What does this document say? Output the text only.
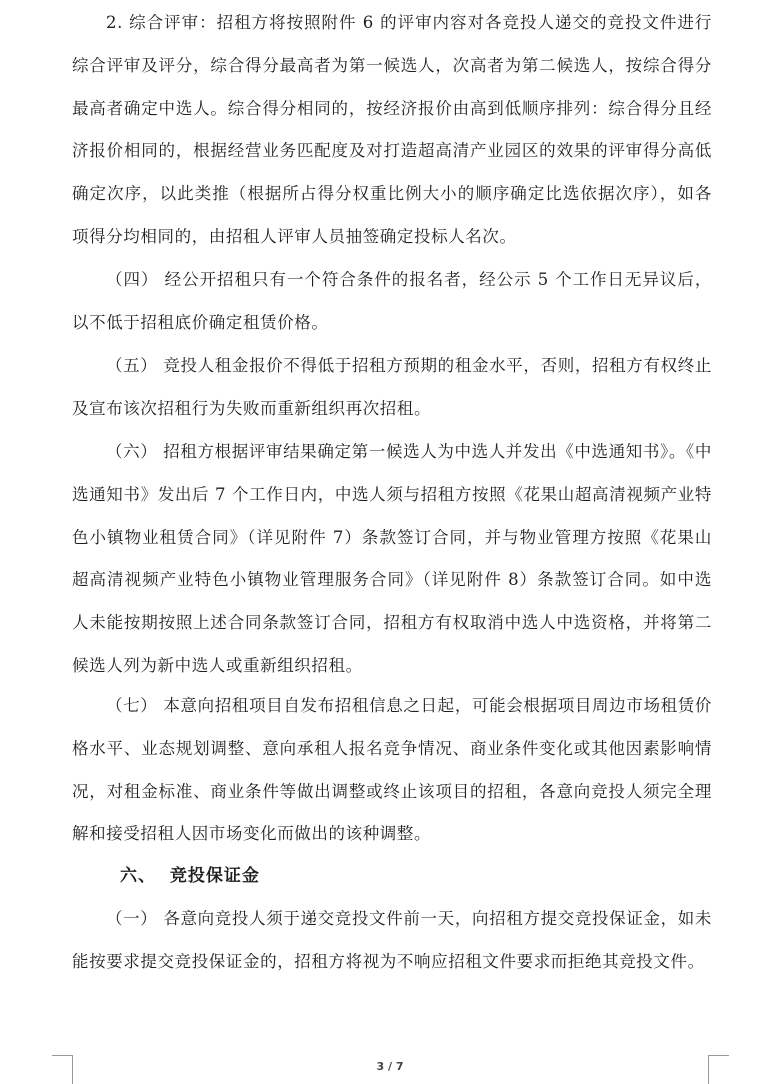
2. 综合评审：招租方将按照附件 6 的评审内容对各竞投人递交的竞投文件进行综合评审及评分，综合得分最高者为第一候选人，次高者为第二候选人，按综合得分最高者确定中选人。综合得分相同的，按经济报价由高到低顺序排列：综合得分且经济报价相同的，根据经营业务匹配度及对打造超高清产业园区的效果的评审得分高低确定次序，以此类推（根据所占得分权重比例大小的顺序确定比选依据次序），如各项得分均相同的，由招租人评审人员抽签确定投标人名次。

（四） 经公开招租只有一个符合条件的报名者，经公示 5 个工作日无异议后，以不低于招租底价确定租赁价格。

（五） 竞投人租金报价不得低于招租方预期的租金水平，否则，招租方有权终止及宣布该次招租行为失败而重新组织再次招租。

（六） 招租方根据评审结果确定第一候选人为中选人并发出《中选通知书》。《中选通知书》发出后 7 个工作日内，中选人须与招租方按照《花果山超高清视频产业特色小镇物业租赁合同》（详见附件 7）条款签订合同，并与物业管理方按照《花果山超高清视频产业特色小镇物业管理服务合同》（详见附件 8）条款签订合同。如中选人未能按期按照上述合同条款签订合同，招租方有权取消中选人中选资格，并将第二候选人列为新中选人或重新组织招租。

（七） 本意向招租项目自发布招租信息之日起，可能会根据项目周边市场租赁价格水平、业态规划调整、意向承租人报名竞争情况、商业条件变化或其他因素影响情况，对租金标准、商业条件等做出调整或终止该项目的招租，各意向竞投人须完全理解和接受招租人因市场变化而做出的该种调整。

六、  竞投保证金

（一） 各意向竞投人须于递交竞投文件前一天，向招租方提交竞投保证金，如未能按要求提交竞投保证金的，招租方将视为不响应招租文件要求而拒绝其竞投文件。

3 / 7
